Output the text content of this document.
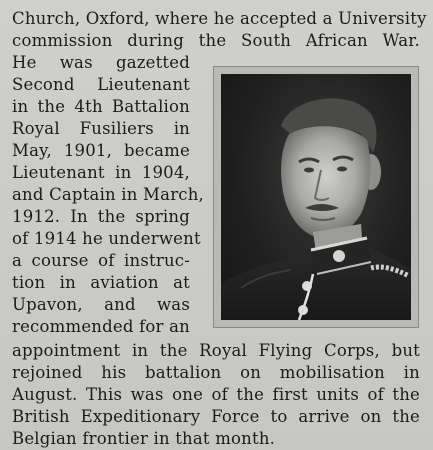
Church, Oxford, where he accepted a University
commission during the South African War.
He was gazetted
Second Lieutenant
in the 4th Battalion
Royal Fusiliers in
May, 1901, became
Lieutenant in 1904,
and Captain in March,
1912. In the spring
of 1914 he underwent
a course of instruc-
tion in aviation at
Upavon, and was
recommended for an
appointment in the Royal Flying Corps, but
rejoined his battalion on mobilisation in
August. This was one of the first units of the
British Expeditionary Force to arrive on the
Belgian frontier in that month.
